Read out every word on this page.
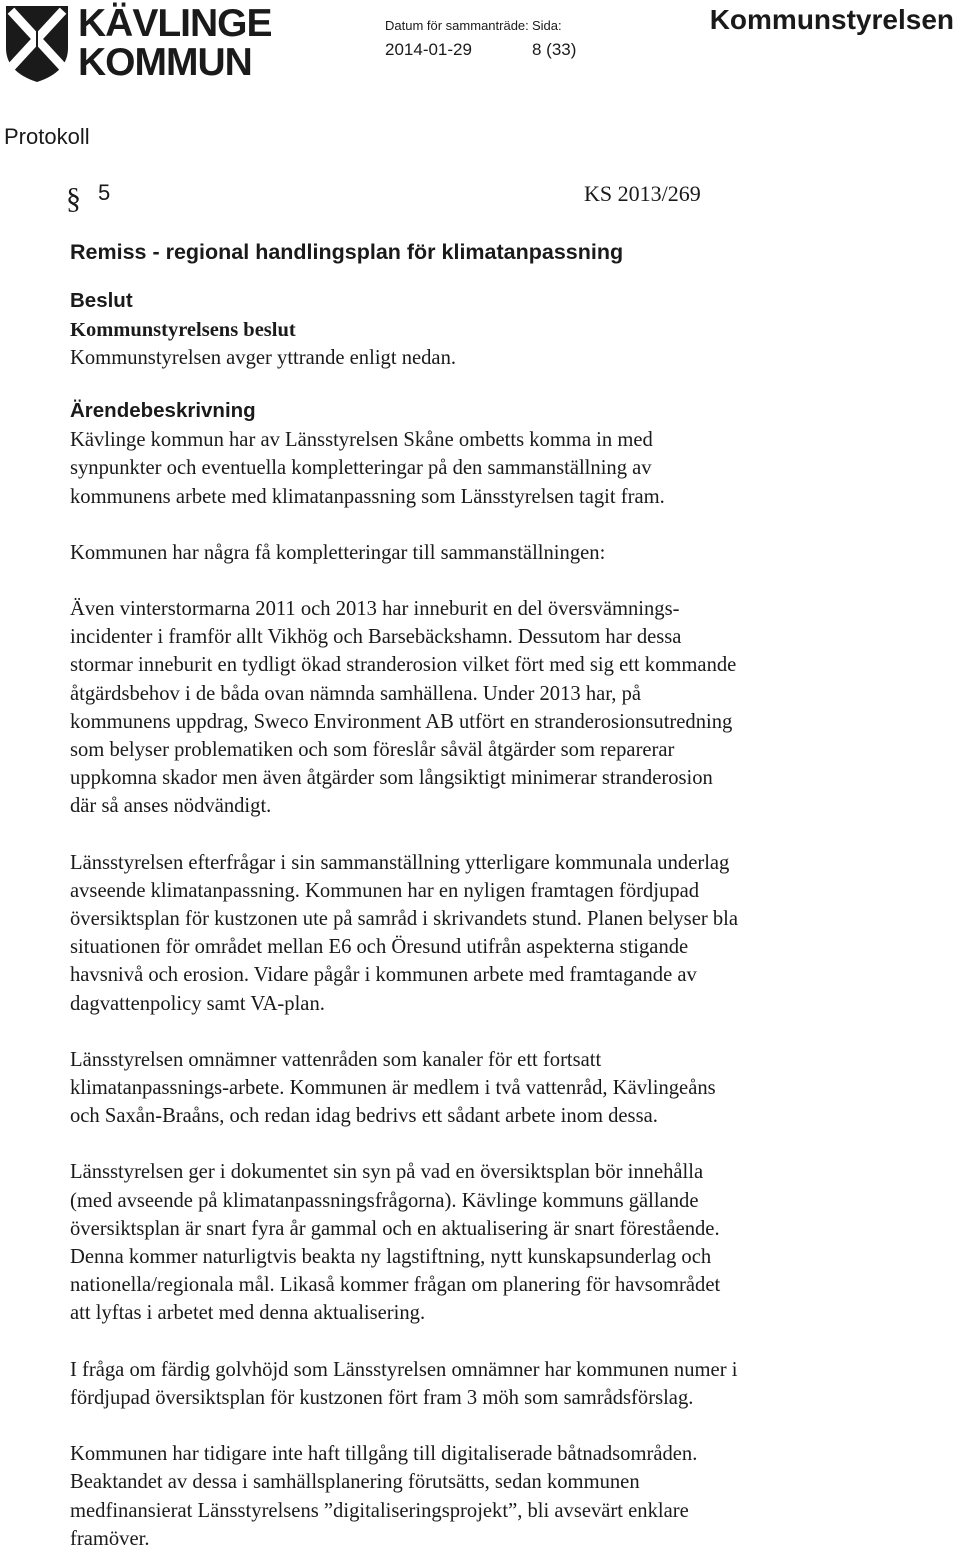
KÄVLINGE
KOMMUN
Datum för sammanträde:
2014-01-29
Sida:
8 (33)
Kommunstyrelsen
Protokoll
§ 5	KS 2013/269
Remiss - regional handlingsplan för klimatanpassning
Beslut
Kommunstyrelsens beslut

Kommunstyrelsen avger yttrande enligt nedan.

Ärendebeskrivning

Kävlinge kommun har av Länsstyrelsen Skåne ombetts komma in med

synpunkter och eventuella kompletteringar på den sammanställning av

kommunens arbete med klimatanpassning som Länsstyrelsen tagit fram.

Kommunen har några få kompletteringar till sammanställningen:

Även vinterstormarna 2011 och 2013 har inneburit en del översvämnings-

incidenter i framför allt Vikhög och Barsebäckshamn. Dessutom har dessa

stormar inneburit en tydligt ökad stranderosion vilket fört med sig ett kommande

åtgärdsbehov i de båda ovan nämnda samhällena. Under 2013 har, på

kommunens uppdrag, Sweco Environment AB utfört en stranderosionsutredning

som belyser problematiken och som föreslår såväl åtgärder som reparerar

uppkomna skador men även åtgärder som långsiktigt minimerar stranderosion

där så anses nödvändigt.

Länsstyrelsen efterfrågar i sin sammanställning ytterligare kommunala underlag

avseende klimatanpassning. Kommunen har en nyligen framtagen fördjupad

översiktsplan för kustzonen ute på samråd i skrivandets stund. Planen belyser bla

situationen för området mellan E6 och Öresund utifrån aspekterna stigande

havsnivå och erosion. Vidare pågår i kommunen arbete med framtagande av

dagvattenpolicy samt VA-plan.

Länsstyrelsen omnämner vattenråden som kanaler för ett fortsatt

klimatanpassnings-arbete. Kommunen är medlem i två vattenråd, Kävlingeåns

och Saxån-Braåns, och redan idag bedrivs ett sådant arbete inom dessa.

Länsstyrelsen ger i dokumentet sin syn på vad en översiktsplan bör innehålla

(med avseende på klimatanpassningsfrågorna). Kävlinge kommuns gällande

översiktsplan är snart fyra år gammal och en aktualisering är snart förestående.

Denna kommer naturligtvis beakta ny lagstiftning, nytt kunskapsunderlag och

nationella/regionala mål. Likaså kommer frågan om planering för havsområdet

att lyftas i arbetet med denna aktualisering.

I fråga om färdig golvhöjd som Länsstyrelsen omnämner har kommunen numer i

fördjupad översiktsplan för kustzonen fört fram 3 möh som samrådsförslag.

Kommunen har tidigare inte haft tillgång till digitaliserade båtnadsområden.

Beaktandet av dessa i samhällsplanering förutsätts, sedan kommunen

medfinansierat Länsstyrelsens ”digitaliseringsprojekt”, bli avsevärt enklare

framöver.
